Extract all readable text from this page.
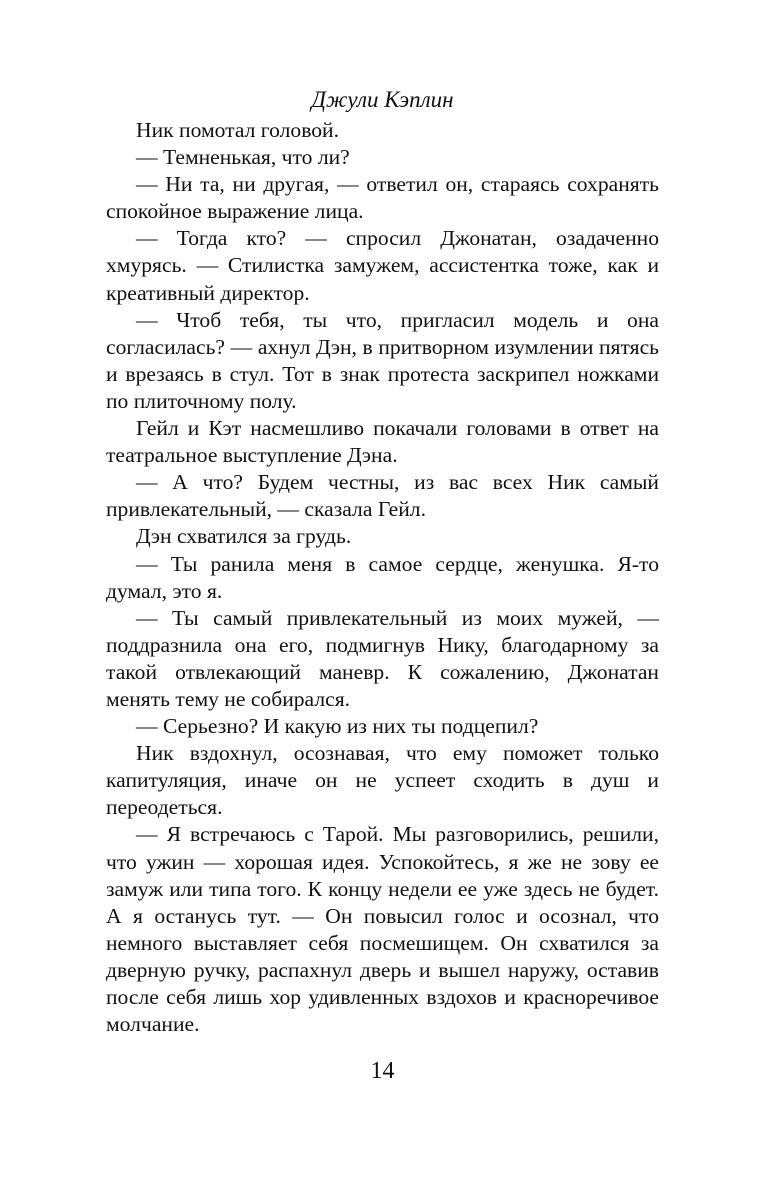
Джули Кэплин

Ник помотал головой.

— Темненькая, что ли?

— Ни та, ни другая, — ответил он, стараясь сохранять спокойное выражение лица.

— Тогда кто? — спросил Джонатан, озадаченно хмурясь. — Стилистка замужем, ассистентка тоже, как и креативный директор.

— Чтоб тебя, ты что, пригласил модель и она согласилась? — ахнул Дэн, в притворном изумлении пятясь и врезаясь в стул. Тот в знак протеста заскрипел ножками по плиточному полу.

Гейл и Кэт насмешливо покачали головами в ответ на театральное выступление Дэна.

— А что? Будем честны, из вас всех Ник самый привлекательный, — сказала Гейл.

Дэн схватился за грудь.

— Ты ранила меня в самое сердце, женушка. Я-то думал, это я.

— Ты самый привлекательный из моих мужей, — поддразнила она его, подмигнув Нику, благодарному за такой отвлекающий маневр. К сожалению, Джонатан менять тему не собирался.

— Серьезно? И какую из них ты подцепил?

Ник вздохнул, осознавая, что ему поможет только капитуляция, иначе он не успеет сходить в душ и переодеться.

— Я встречаюсь с Тарой. Мы разговорились, решили, что ужин — хорошая идея. Успокойтесь, я же не зову ее замуж или типа того. К концу недели ее уже здесь не будет. А я останусь тут. — Он повысил голос и осознал, что немного выставляет себя посмешищем. Он схватился за дверную ручку, распахнул дверь и вышел наружу, оставив после себя лишь хор удивленных вздохов и красноречивое молчание.

14
